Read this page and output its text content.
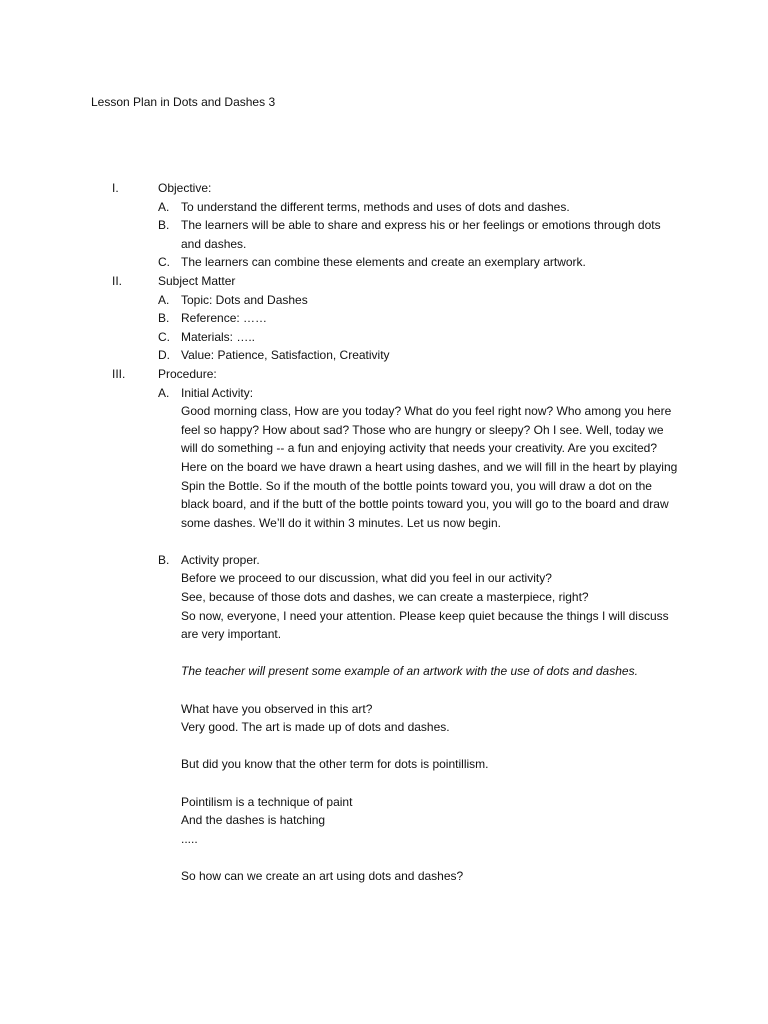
Lesson Plan in Dots and Dashes 3
I.	Objective:
A. To understand the different terms, methods and uses of dots and dashes.
B. The learners will be able to share and express his or her feelings or emotions through dots and dashes.
C. The learners can combine these elements and create an exemplary artwork.
II.	Subject Matter
A. Topic: Dots and Dashes
B. Reference: ……
C. Materials: …..
D. Value: Patience, Satisfaction, Creativity
III.	Procedure:
A. Initial Activity:
Good morning class, How are you today? What do you feel right now? Who among you here feel so happy? How about sad? Those who are hungry or sleepy? Oh I see. Well, today we will do something -- a fun and enjoying activity that needs your creativity. Are you excited? Here on the board we have drawn a heart using dashes, and we will fill in the heart by playing Spin the Bottle. So if the mouth of the bottle points toward you, you will draw a dot on the black board, and if the butt of the bottle points toward you, you will go to the board and draw some dashes. We’ll do it within 3 minutes. Let us now begin.
B. Activity proper.
Before we proceed to our discussion, what did you feel in our activity?
See, because of those dots and dashes, we can create a masterpiece, right?
So now, everyone, I need your attention. Please keep quiet because the things I will discuss are very important.
The teacher will present some example of an artwork with the use of dots and dashes.
What have you observed in this art?
Very good. The art is made up of dots and dashes.
But did you know that the other term for dots is pointillism.
Pointilism is a technique of paint
And the dashes is hatching
.....
So how can we create an art using dots and dashes?
